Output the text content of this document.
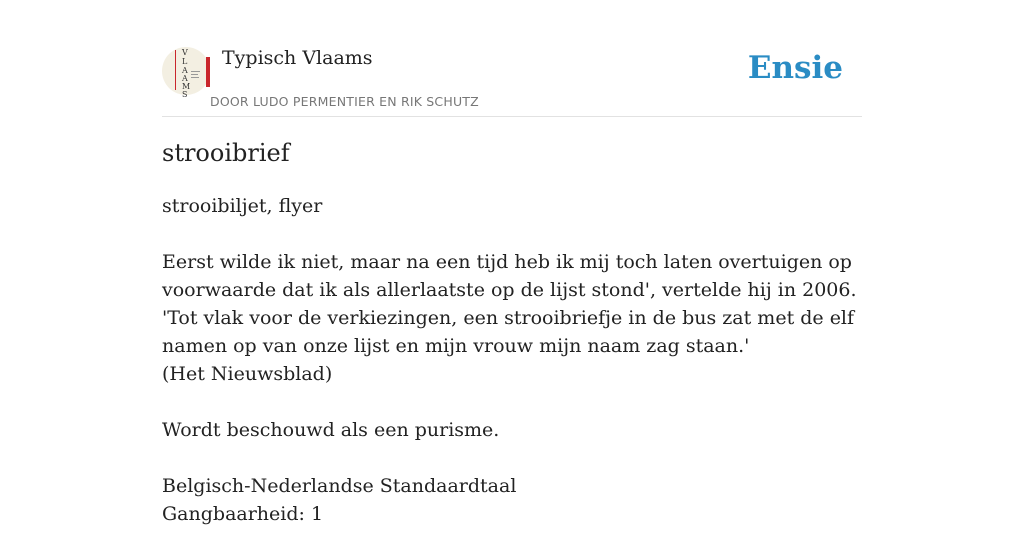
V
L
A
A
M
S
Typisch Vlaams
DOOR LUDO PERMENTIER EN RIK SCHUTZ
Ensie
strooibrief

strooibiljet, flyer

Eerst wilde ik niet, maar na een tijd heb ik mij toch laten overtuigen op voorwaarde dat ik als allerlaatste op de lijst stond', vertelde hij in 2006. 'Tot vlak voor de verkiezingen, een strooibriefje in de bus zat met de elf namen op van onze lijst en mijn vrouw mijn naam zag staan.'
(Het Nieuwsblad)

Wordt beschouwd als een purisme.

Belgisch-Nederlandse Standaardtaal
Gangbaarheid: 1
